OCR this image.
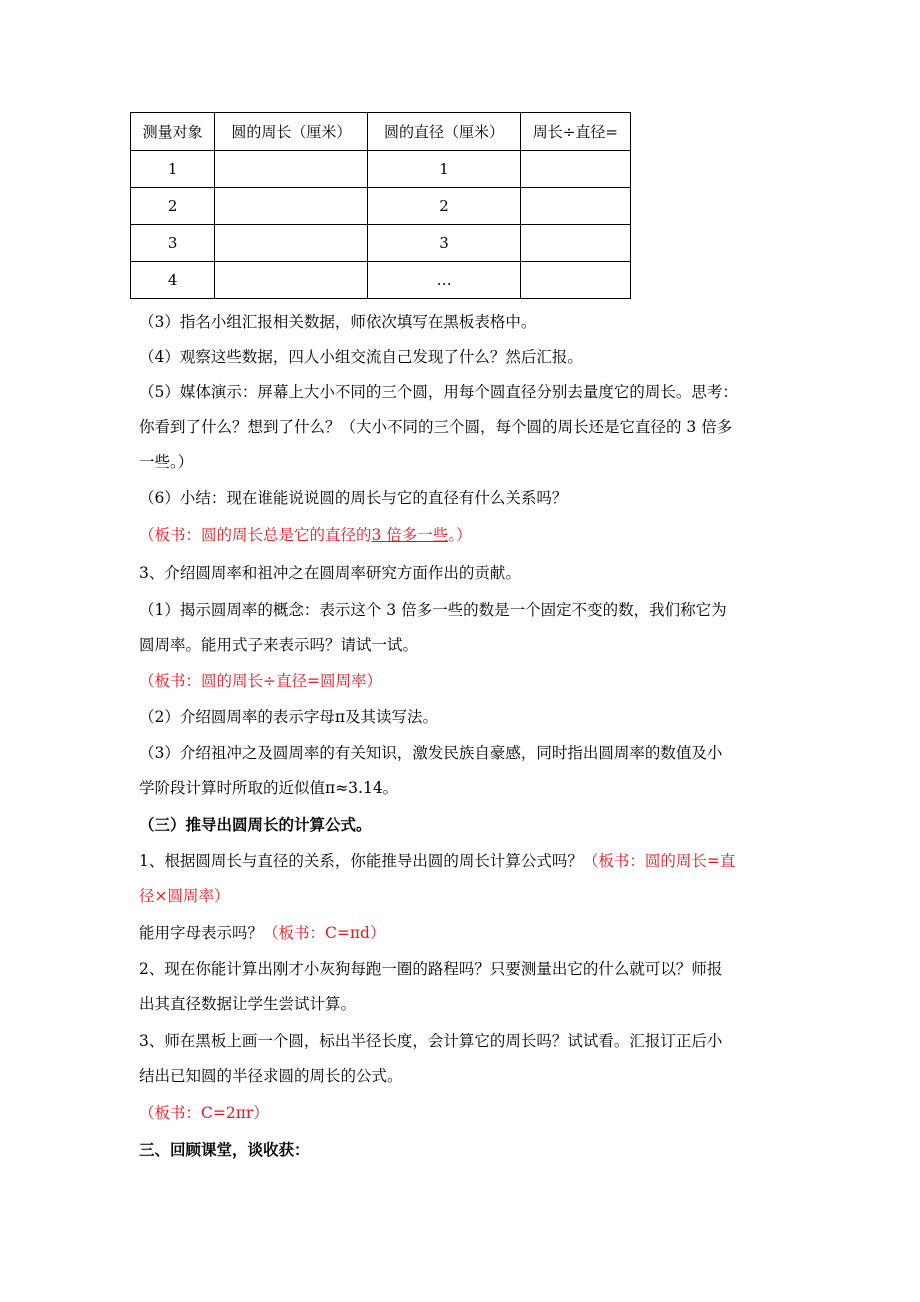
测量对象	圆的周长（厘米）	圆的直径（厘米）	周长÷直径=
1		1	
2		2	
3		3	
4		…	
（3）指名小组汇报相关数据，师依次填写在黑板表格中。
（4）观察这些数据，四人小组交流自己发现了什么？然后汇报。
（5）媒体演示：屏幕上大小不同的三个圆，用每个圆直径分别去量度它的周长。思考：
你看到了什么？想到了什么？（大小不同的三个圆，每个圆的周长还是它直径的 3 倍多
一些。）
（6）小结：现在谁能说说圆的周长与它的直径有什么关系吗？
（板书：圆的周长总是它的直径的3 倍多一些。）
3、介绍圆周率和祖冲之在圆周率研究方面作出的贡献。
（1）揭示圆周率的概念：表示这个 3 倍多一些的数是一个固定不变的数，我们称它为
圆周率。能用式子来表示吗？请试一试。
（板书：圆的周长÷直径=圆周率）
（2）介绍圆周率的表示字母π及其读写法。
（3）介绍祖冲之及圆周率的有关知识，激发民族自豪感，同时指出圆周率的数值及小
学阶段计算时所取的近似值π≈3.14。
（三）推导出圆周长的计算公式。
1、根据圆周长与直径的关系，你能推导出圆的周长计算公式吗？（板书：圆的周长=直
径×圆周率）
能用字母表示吗？（板书：C=πd）
2、现在你能计算出刚才小灰狗每跑一圈的路程吗？只要测量出它的什么就可以？师报
出其直径数据让学生尝试计算。
3、师在黑板上画一个圆，标出半径长度，会计算它的周长吗？试试看。汇报订正后小
结出已知圆的半径求圆的周长的公式。
（板书：C=2πr）
三、回顾课堂，谈收获：
